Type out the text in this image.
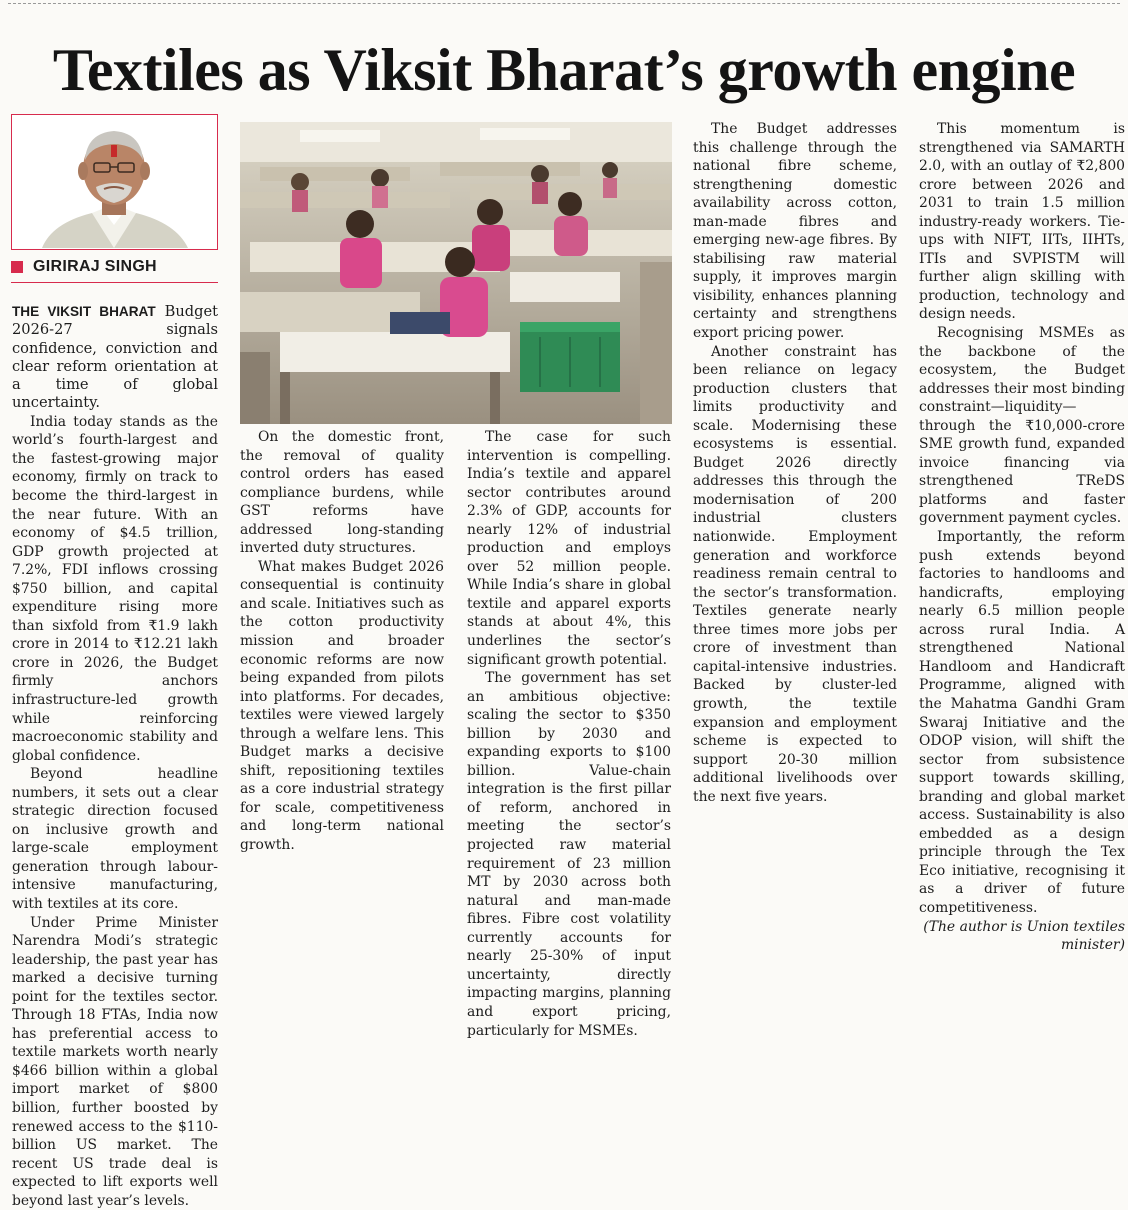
Textiles as Viksit Bharat’s growth engine
GIRIRAJ SINGH

THE VIKSIT BHARAT Budget 2026-27 signals confidence, conviction and clear reform orientation at a time of global uncertainty.

India today stands as the world’s fourth-largest and the fastest-growing major economy, firmly on track to become the third-largest in the near future. With an economy of $4.5 trillion, GDP growth projected at 7.2%, FDI inflows crossing $750 billion, and capital expenditure rising more than sixfold from ₹1.9 lakh crore in 2014 to ₹12.21 lakh crore in 2026, the Budget firmly anchors infrastructure-led growth while reinforcing macroeconomic stability and global confidence.

Beyond headline numbers, it sets out a clear strategic direction focused on inclusive growth and large-scale employment generation through labour-intensive manufacturing, with textiles at its core.

Under Prime Minister Narendra Modi’s strategic leadership, the past year has marked a decisive turning point for the textiles sector. Through 18 FTAs, India now has preferential access to textile markets worth nearly $466 billion within a global import market of $800 billion, further boosted by renewed access to the $110-billion US market. The recent US trade deal is expected to lift exports well beyond last year’s levels.

On the domestic front, the removal of quality control orders has eased compliance burdens, while GST reforms have addressed long-standing inverted duty structures.

What makes Budget 2026 consequential is continuity and scale. Initiatives such as the cotton productivity mission and broader economic reforms are now being expanded from pilots into platforms. For decades, textiles were viewed largely through a welfare lens. This Budget marks a decisive shift, repositioning textiles as a core industrial strategy for scale, competitiveness and long-term national growth.

The case for such intervention is compelling. India’s textile and apparel sector contributes around 2.3% of GDP, accounts for nearly 12% of industrial production and employs over 52 million people. While India’s share in global textile and apparel exports stands at about 4%, this underlines the sector’s significant growth potential.

The government has set an ambitious objective: scaling the sector to $350 billion by 2030 and expanding exports to $100 billion. Value-chain integration is the first pillar of reform, anchored in meeting the sector’s projected raw material requirement of 23 million MT by 2030 across both natural and man-made fibres. Fibre cost volatility currently accounts for nearly 25-30% of input uncertainty, directly impacting margins, planning and export pricing, particularly for MSMEs.

The Budget addresses this challenge through the national fibre scheme, strengthening domestic availability across cotton, man-made fibres and emerging new-age fibres. By stabilising raw material supply, it improves margin visibility, enhances planning certainty and strengthens export pricing power.

Another constraint has been reliance on legacy production clusters that limits productivity and scale. Modernising these ecosystems is essential. Budget 2026 directly addresses this through the modernisation of 200 industrial clusters nationwide. Employment generation and workforce readiness remain central to the sector’s transformation. Textiles generate nearly three times more jobs per crore of investment than capital-intensive industries. Backed by cluster-led growth, the textile expansion and employment scheme is expected to support 20-30 million additional livelihoods over the next five years.

This momentum is strengthened via SAMARTH 2.0, with an outlay of ₹2,800 crore between 2026 and 2031 to train 1.5 million industry-ready workers. Tie-ups with NIFT, IITs, IIHTs, ITIs and SVPISTM will further align skilling with production, technology and design needs.

Recognising MSMEs as the backbone of the ecosystem, the Budget addresses their most binding constraint—liquidity—through the ₹10,000-crore SME growth fund, expanded invoice financing via strengthened TReDS platforms and faster government payment cycles.

Importantly, the reform push extends beyond factories to handlooms and handicrafts, employing nearly 6.5 million people across rural India. A strengthened National Handloom and Handicraft Programme, aligned with the Mahatma Gandhi Gram Swaraj Initiative and the ODOP vision, will shift the sector from subsistence support towards skilling, branding and global market access. Sustainability is also embedded as a design principle through the Tex Eco initiative, recognising it as a driver of future competitiveness.

(The author is Union textiles minister)
